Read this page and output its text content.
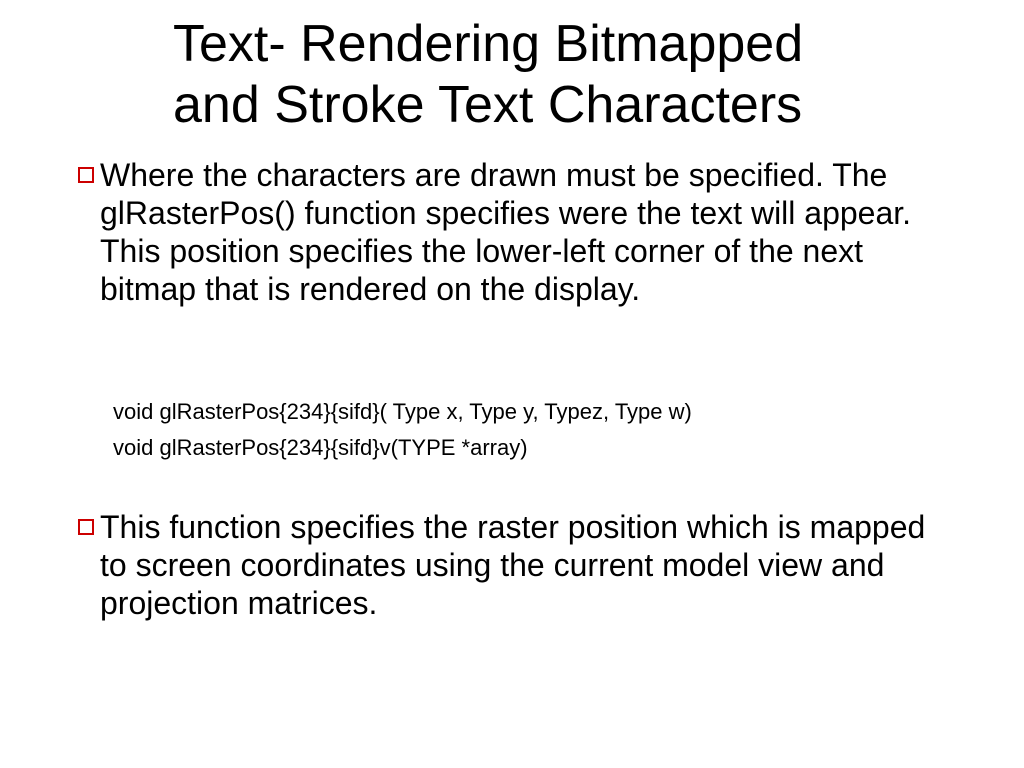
Text- Rendering Bitmapped
and Stroke Text Characters

Where the characters are drawn must be specified. The glRasterPos() function specifies were the text will appear. This position specifies the lower-left corner of the next bitmap that is rendered on the display.

void glRasterPos{234}{sifd}( Type x, Type y, Typez, Type w)
void glRasterPos{234}{sifd}v(TYPE *array)

This function specifies the raster position which is mapped to screen coordinates using the current model view and projection matrices.
